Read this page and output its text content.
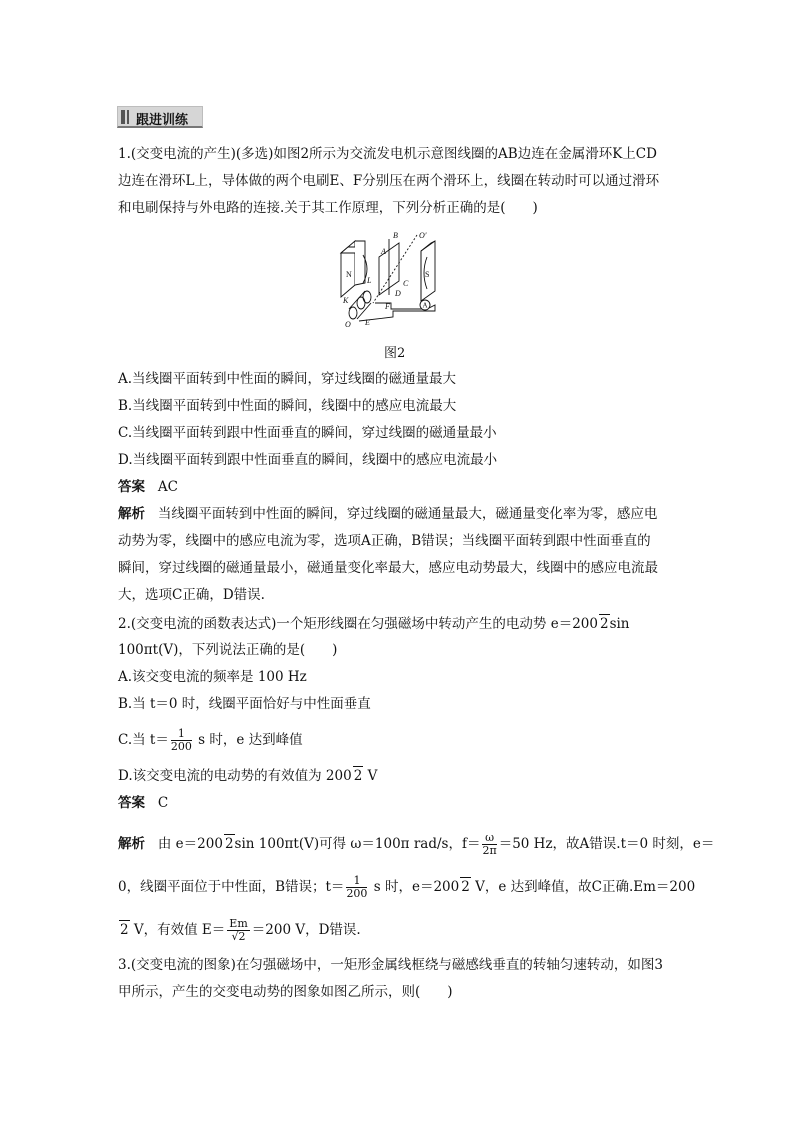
跟进训练
1.(交变电流的产生)(多选)如图2所示为交流发电机示意图线圈的AB边连在金属滑环K上CD
边连在滑环L上，导体做的两个电刷E、F分别压在两个滑环上，线圈在转动时可以通过滑环
和电刷保持与外电路的连接.关于其工作原理，下列分析正确的是(　　)
B	O′
A
N	S
L	C
D
K
F
O E
A
图2
A.当线圈平面转到中性面的瞬间，穿过线圈的磁通量最大
B.当线圈平面转到中性面的瞬间，线圈中的感应电流最大
C.当线圈平面转到跟中性面垂直的瞬间，穿过线圈的磁通量最小
D.当线圈平面转到跟中性面垂直的瞬间，线圈中的感应电流最小
答案 AC
解析 当线圈平面转到中性面的瞬间，穿过线圈的磁通量最大，磁通量变化率为零，感应电
动势为零，线圈中的感应电流为零，选项A正确，B错误；当线圈平面转到跟中性面垂直的
瞬间，穿过线圈的磁通量最小，磁通量变化率最大，感应电动势最大，线圈中的感应电流最
大，选项C正确，D错误.
2.(交变电流的函数表达式)一个矩形线圈在匀强磁场中转动产生的电动势 e＝200 2sin
100πt(V)，下列说法正确的是(　　)
A.该交变电流的频率是 100 Hz
B.当 t＝0 时，线圈平面恰好与中性面垂直
C.当 $t= \frac{1}{200}$ s 时，e 达到峰值
D.该交变电流的电动势的有效值为 200 2 V
答案 C
解析 由 e＝200 2sin 100πt(V)可得 ω＝100π rad/s，$f= \frac{\omega}{2\pi} =50$ Hz，故A错误.t＝0 时刻，e＝
0，线圈平面位于中性面，B错误；$t= \frac{1}{200}$ s 时，e＝200 2 V，e 达到峰值，故C正确.Em＝200
2 V，有效值 $E= \frac{Em}{√2} =200$ V，D错误.
3.(交变电流的图象)在匀强磁场中，一矩形金属线框绕与磁感线垂直的转轴匀速转动，如图3
甲所示，产生的交变电动势的图象如图乙所示，则(　　)
